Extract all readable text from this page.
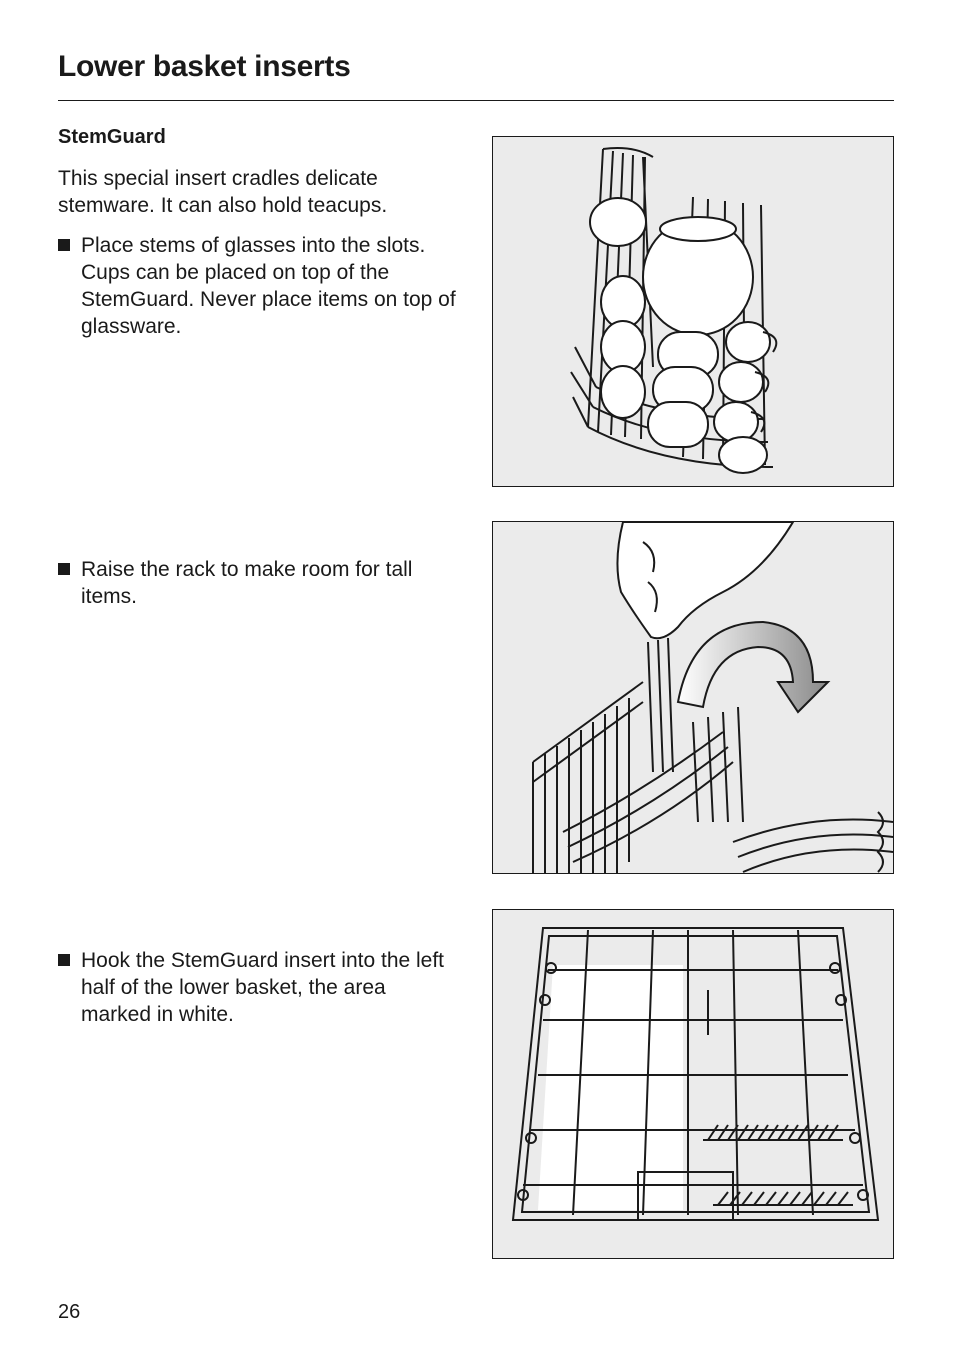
Lower basket inserts
StemGuard
This special insert cradles delicate stemware. It can also hold teacups.
Place stems of glasses into the slots. Cups can be placed on top of the StemGuard. Never place items on top of glassware.
Raise the rack to make room for tall items.
Hook the StemGuard insert into the left half of the lower basket, the area marked in white.
26
